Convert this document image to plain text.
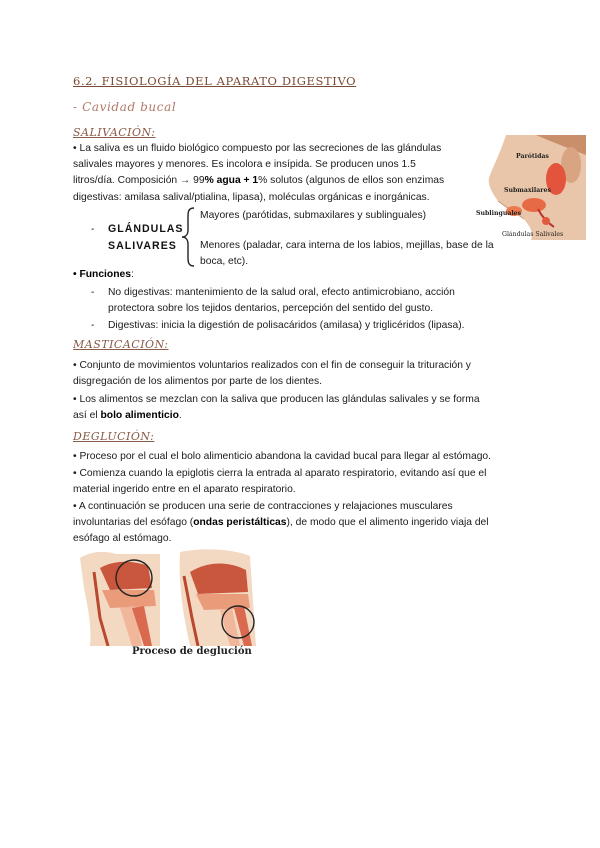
6.2. FISIOLOGÍA DEL APARATO DIGESTIVO
- Cavidad bucal
SALIVACIÓN:
• La saliva es un fluido biológico compuesto por las secreciones de las glándulas
salivales mayores y menores. Es incolora e insípida. Se producen unos 1.5
litros/día. Composición → 99% agua + 1% solutos (algunos de ellos son enzimas
digestivas: amilasa salival/ptialina, lipasa), moléculas orgánicas e inorgánicas.
Parótidas
Submaxilares
Sublinguales
Glándulas Salivales
- GLÁNDULAS
SALIVARES
Mayores (parótidas, submaxilares y sublinguales)
Menores (paladar, cara interna de los labios, mejillas, base de la
boca, etc).
• Funciones:
- No digestivas: mantenimiento de la salud oral, efecto antimicrobiano, acción
protectora sobre los tejidos dentarios, percepción del sentido del gusto.
- Digestivas: inicia la digestión de polisacáridos (amilasa) y triglicéridos (lipasa).
MASTICACIÓN:
• Conjunto de movimientos voluntarios realizados con el fin de conseguir la trituración y
disgregación de los alimentos por parte de los dientes.
• Los alimentos se mezclan con la saliva que producen las glándulas salivales y se forma
así el bolo alimenticio.
DEGLUCIÓN:
• Proceso por el cual el bolo alimenticio abandona la cavidad bucal para llegar al estómago.
• Comienza cuando la epiglotis cierra la entrada al aparato respiratorio, evitando así que el
material ingerido entre en el aparato respiratorio.
• A continuación se producen una serie de contracciones y relajaciones musculares
involuntarias del esófago (ondas peristálticas), de modo que el alimento ingerido viaja del
esófago al estómago.
Proceso de deglución
